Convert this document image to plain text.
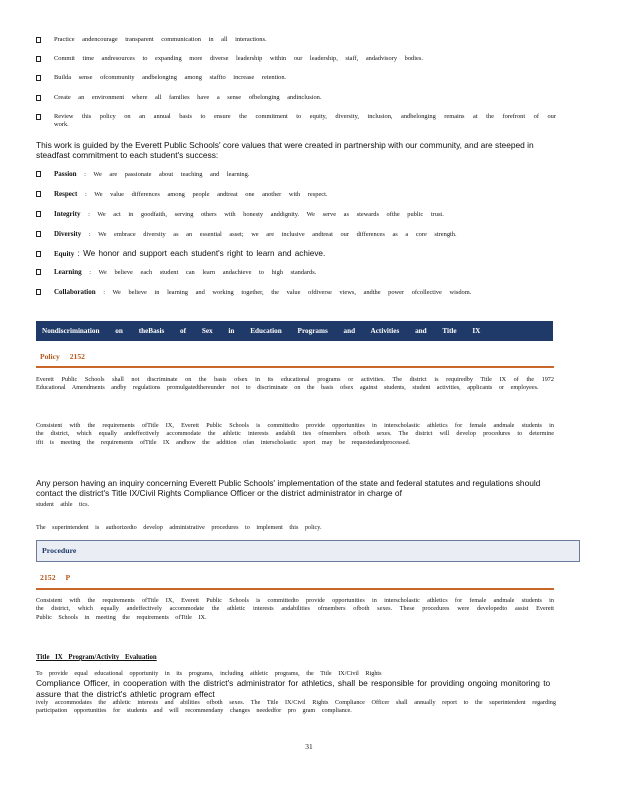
Practice andencourage transparent communication in all interactions.
Commit time andresources to expanding more diverse leadership within our leadership, staff, andadvisory bodies.
Builda sense ofcommunity andbelonging among staffto increase retention.
Create an environment where all families have a sense ofbelonging andinclusion.
Review this policy on an annual basis to ensure the commitment to equity, diversity, inclusion, andbelonging remains at the forefront of our work.
This work is guided by the Everett Public Schools' core values that were created in partnership with our community, and are steeped in steadfast commitment to each student's success:
Passion : We are passionate about teaching and learning.
Respect : We value differences among people andtreat one another with respect.
Integrity : We act in goodfaith, serving others with honesty anddignity. We serve as stewards ofthe public trust.
Diversity : We embrace diversity as an essential asset; we are inclusive andtreat our differences as a core strength.
Equity : We honor and support each student's right to learn and achieve.
Learning : We believe each student can learn andachieve to high standards.
Collaboration : We believe in learning and working together, the value ofdiverse views, andthe power ofcollective wisdom.
Nondiscrimination on theBasis of Sex in Education Programs and Activities and Title IX
Policy 2152
Everett Public Schools shall not discriminate on the basis ofsex in its educational programs or activities. The district is requiredby Title IX of the 1972 Educational Amendments andby regulations promulgatedthereunder not to discriminate on the basis ofsex against students, student activities, applicants or employees.
Consistent with the requirements ofTitle IX, Everett Public Schools is committedto provide opportunities in interscholastic athletics for female andmale students in the district, which equally andeffectively accommodate the athletic interests andabili ties ofmembers ofboth sexes. The district will develop procedures to determine ifit is meeting the requirements ofTitle IX andhow the addition ofan interscholastic sport may be requestedandprocessed.
Any person having an inquiry concerning Everett Public Schools' implementation of the state and federal statutes and regulations should contact the district's Title IX/Civil Rights Compliance Officer or the district administrator in charge of
student athle tics.
The superintendent is authorizedto develop administrative procedures to implement this policy.
Procedure
2152 P
Consistent with the requirements ofTitle IX, Everett Public Schools is committedto provide opportunities in interscholastic athletics for female andmale students in the district, which equally andeffectively accommodate the athletic interests andabilities ofmembers ofboth sexes. These procedures were developedto assist Everett Public Schools in meeting the requirements ofTitle IX.
Title IX Program/Activity Evaluation
To provide equal educational opportunity in its programs, including athletic programs, the Title IX/Civil Rights
Compliance Officer, in cooperation with the district's administrator for athletics, shall be responsible for providing ongoing monitoring to assure that the district's athletic program effect
ively accommodates the athletic interests and abilities ofboth sexes. The Title IX/Civil Rights Compliance Officer shall annually report to the superintendent regarding participation opportunities for students and will recommendany changes neededfor pro gram compliance.
31
